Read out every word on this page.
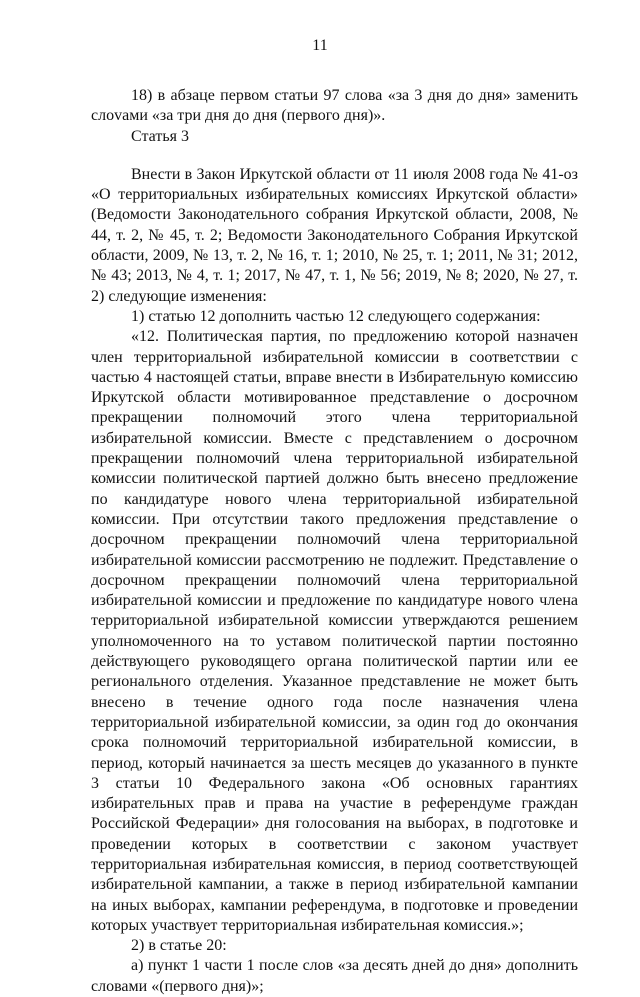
11

18) в абзаце первом статьи 97 слова «за 3 дня до дня» заменить слоvами «за три дня до дня (первого дня)».

Статья 3

Внести в Закон Иркутской области от 11 июля 2008 года № 41-оз «О территориальных избирательных комиссиях Иркутской области» (Ведомости Законодательного собрания Иркутской области, 2008, № 44, т. 2, № 45, т. 2; Ведомости Законодательного Собрания Иркутской области, 2009, № 13, т. 2, № 16, т. 1; 2010, № 25, т. 1; 2011, № 31; 2012, № 43; 2013, № 4, т. 1; 2017, № 47, т. 1, № 56; 2019, № 8; 2020, № 27, т. 2) следующие изменения:

1) статью 12 дополнить частью 12 следующего содержания:

«12. Политическая партия, по предложению которой назначен член территориальной избирательной комиссии в соответствии с частью 4 настоящей статьи, вправе внести в Избирательную комиссию Иркутской области мотивированное представление о досрочном прекращении полномочий этого члена территориальной избирательной комиссии. Вместе с представлением о досрочном прекращении полномочий члена территориальной избирательной комиссии политической партией должно быть внесено предложение по кандидатуре нового члена территориальной избирательной комиссии. При отсутствии такого предложения представление о досрочном прекращении полномочий члена территориальной избирательной комиссии рассмотрению не подлежит. Представление о досрочном прекращении полномочий члена территориальной избирательной комиссии и предложение по кандидатуре нового члена территориальной избирательной комиссии утверждаются решением уполномоченного на то уставом политической партии постоянно действующего руководящего органа политической партии или ее регионального отделения. Указанное представление не может быть внесено в течение одного года после назначения члена территориальной избирательной комиссии, за один год до окончания срока полномочий территориальной избирательной комиссии, в период, который начинается за шесть месяцев до указанного в пункте 3 статьи 10 Федерального закона «Об основных гарантиях избирательных прав и права на участие в референдуме граждан Российской Федерации» дня голосования на выборах, в подготовке и проведении которых в соответствии с законом участвует территориальная избирательная комиссия, в период соответствующей избирательной кампании, а также в период избирательной кампании на иных выборах, кампании референдума, в подготовке и проведении которых участвует территориальная избирательная комиссия.»;

2) в статье 20:

а) пункт 1 части 1 после слов «за десять дней до дня» дополнить словами «(первого дня)»;
